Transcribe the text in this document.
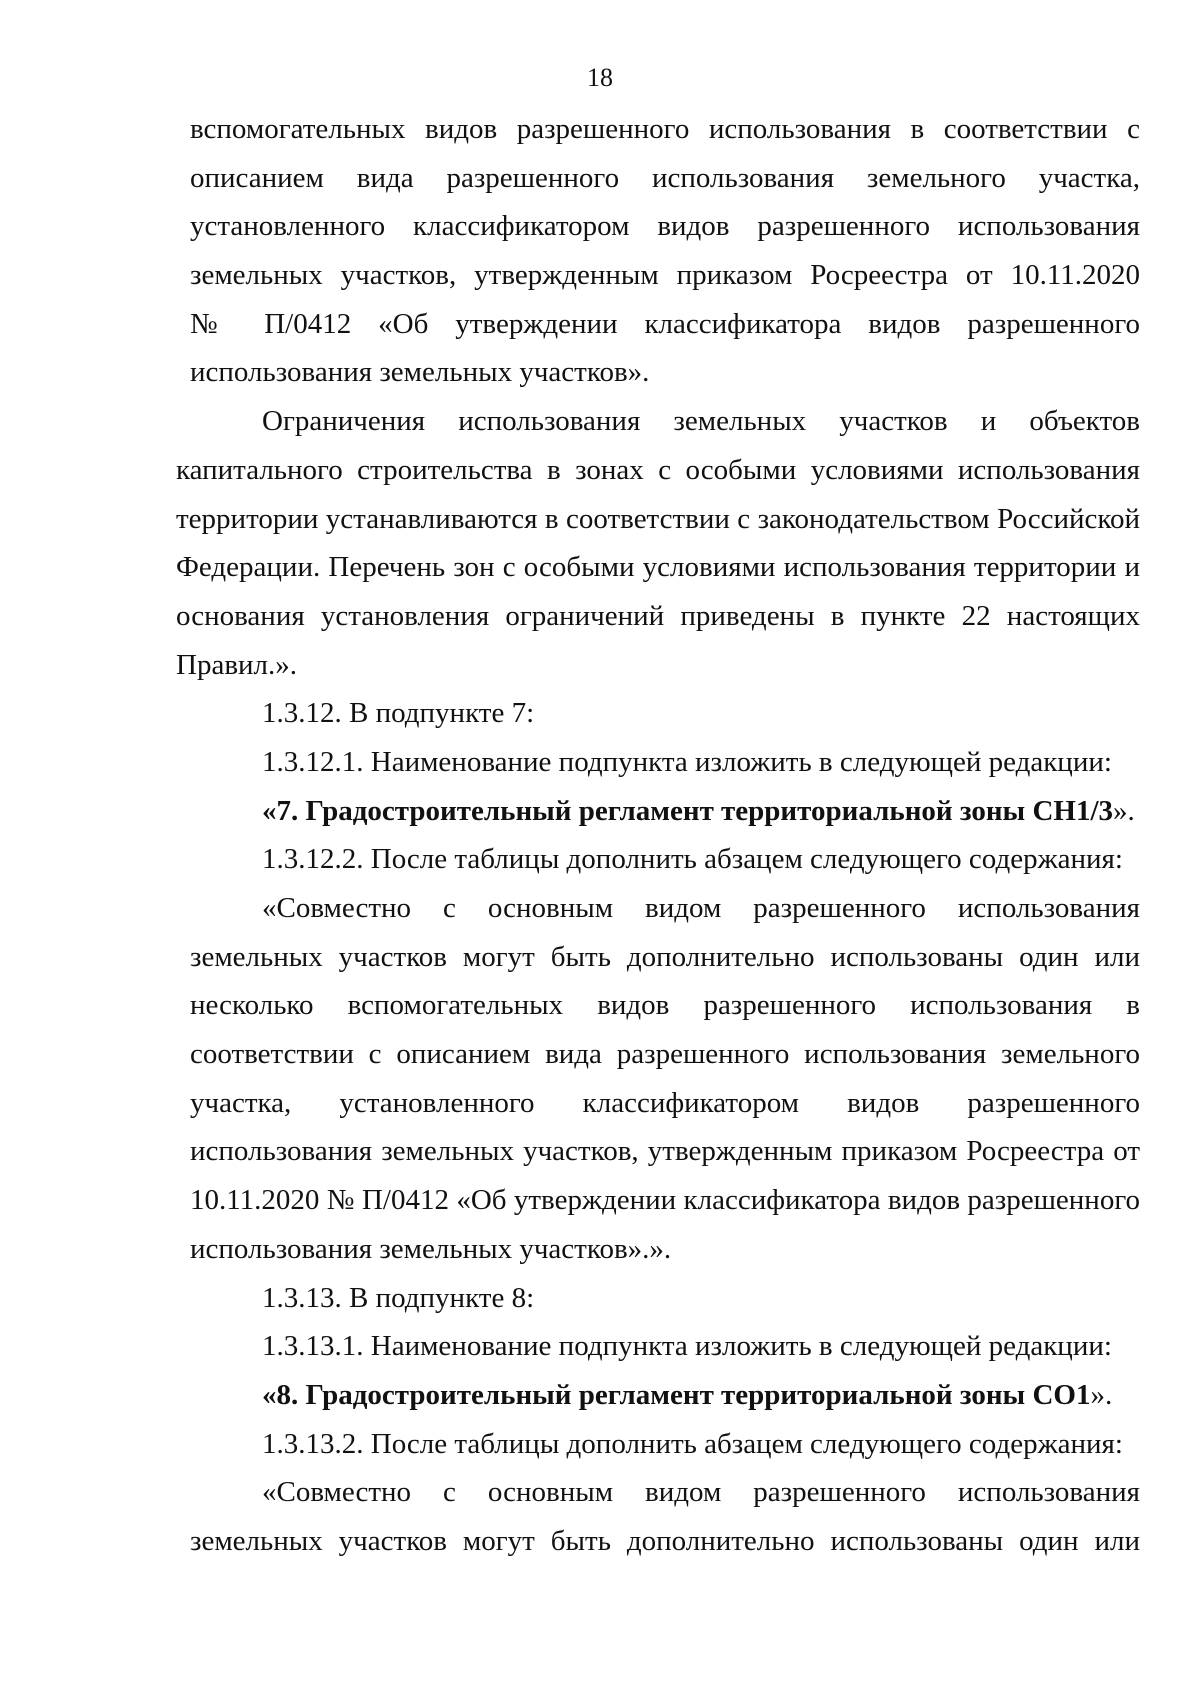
18
вспомогательных видов разрешенного использования в соответствии с
описанием вида разрешенного использования земельного участка,
установленного классификатором видов разрешенного использования
земельных участков, утвержденным приказом Росреестра от 10.11.2020
№ П/0412 «Об утверждении классификатора видов разрешенного
использования земельных участков».
Ограничения использования земельных участков и объектов
капитального строительства в зонах с особыми условиями использования
территории устанавливаются в соответствии с законодательством Российской
Федерации. Перечень зон с особыми условиями использования территории и
основания установления ограничений приведены в пункте 22 настоящих
Правил.».
1.3.12. В подпункте 7:
1.3.12.1. Наименование подпункта изложить в следующей редакции:
«7. Градостроительный регламент территориальной зоны СН1/3».
1.3.12.2. После таблицы дополнить абзацем следующего содержания:
«Совместно с основным видом разрешенного использования
земельных участков могут быть дополнительно использованы один или
несколько вспомогательных видов разрешенного использования в
соответствии с описанием вида разрешенного использования земельного
участка, установленного классификатором видов разрешенного
использования земельных участков, утвержденным приказом Росреестра от
10.11.2020 № П/0412 «Об утверждении классификатора видов разрешенного
использования земельных участков».».
1.3.13. В подпункте 8:
1.3.13.1. Наименование подпункта изложить в следующей редакции:
«8. Градостроительный регламент территориальной зоны СО1».
1.3.13.2. После таблицы дополнить абзацем следующего содержания:
«Совместно с основным видом разрешенного использования
земельных участков могут быть дополнительно использованы один или
